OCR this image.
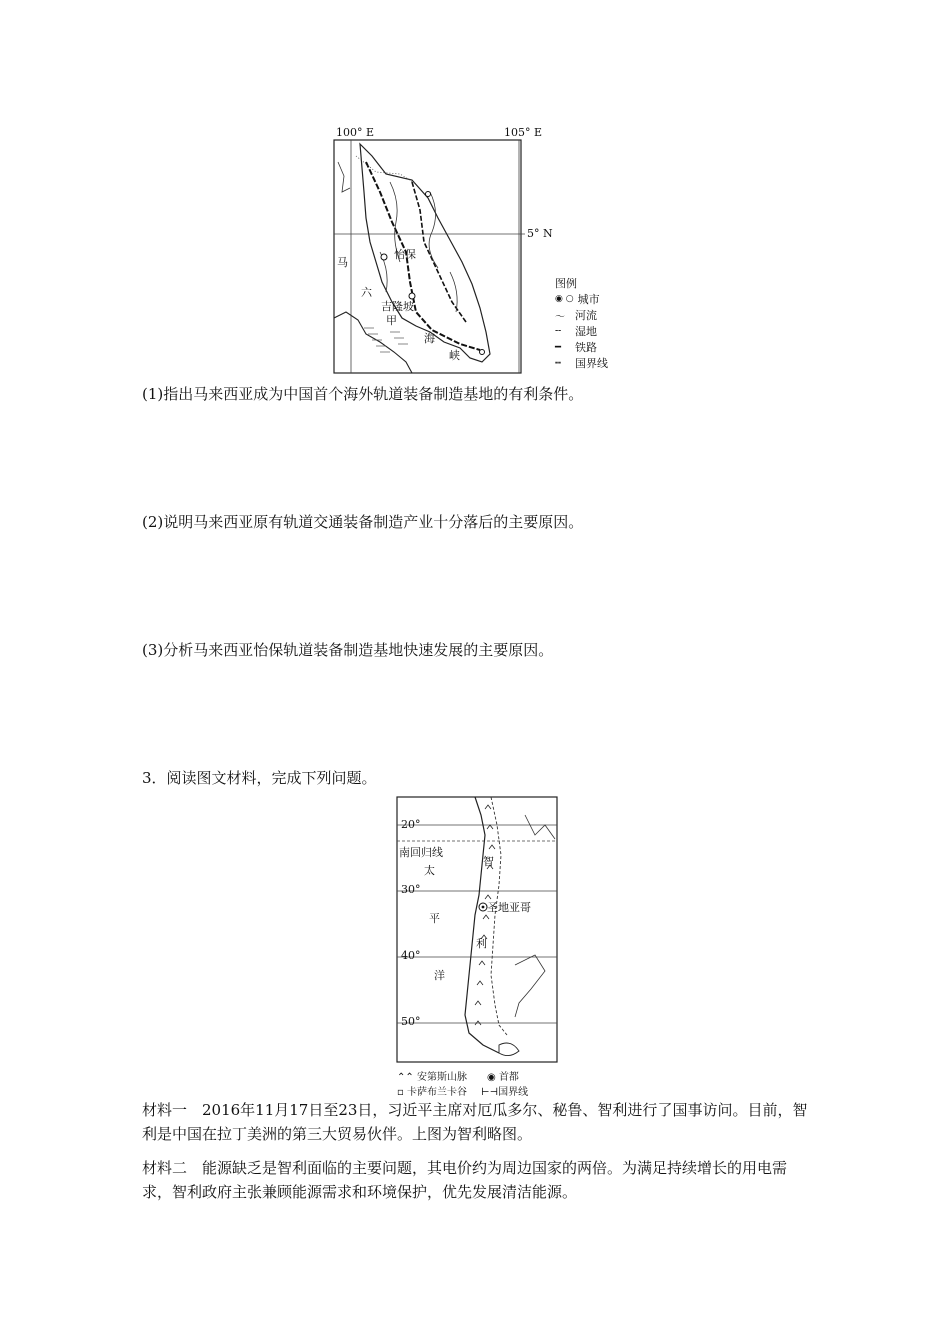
100° E	105° E
5° N
马
六
甲
海
峡
怡保
吉隆坡
图例
◉ ○ 城市
〜 河流
╌	湿地
━	铁路
┅	国界线
(1)指出马来西亚成为中国首个海外轨道装备制造基地的有利条件。
(2)说明马来西亚原有轨道交通装备制造产业十分落后的主要原因。
(3)分析马来西亚怡保轨道装备制造基地快速发展的主要原因。
3．阅读图文材料，完成下列问题。
20°
南回归线
30°
40°
50°
太
平
洋
智
利
圣地亚哥
⌃⌃ 安第斯山脉 ◉ 首都
▫ 卡萨布兰卡谷 ⊢⊣国界线
材料一　2016年11月17日至23日，习近平主席对厄瓜多尔、秘鲁、智利进行了国事访问。目前，智利是中国在拉丁美洲的第三大贸易伙伴。上图为智利略图。
材料二　能源缺乏是智利面临的主要问题，其电价约为周边国家的两倍。为满足持续增长的用电需求，智利政府主张兼顾能源需求和环境保护，优先发展清洁能源。
